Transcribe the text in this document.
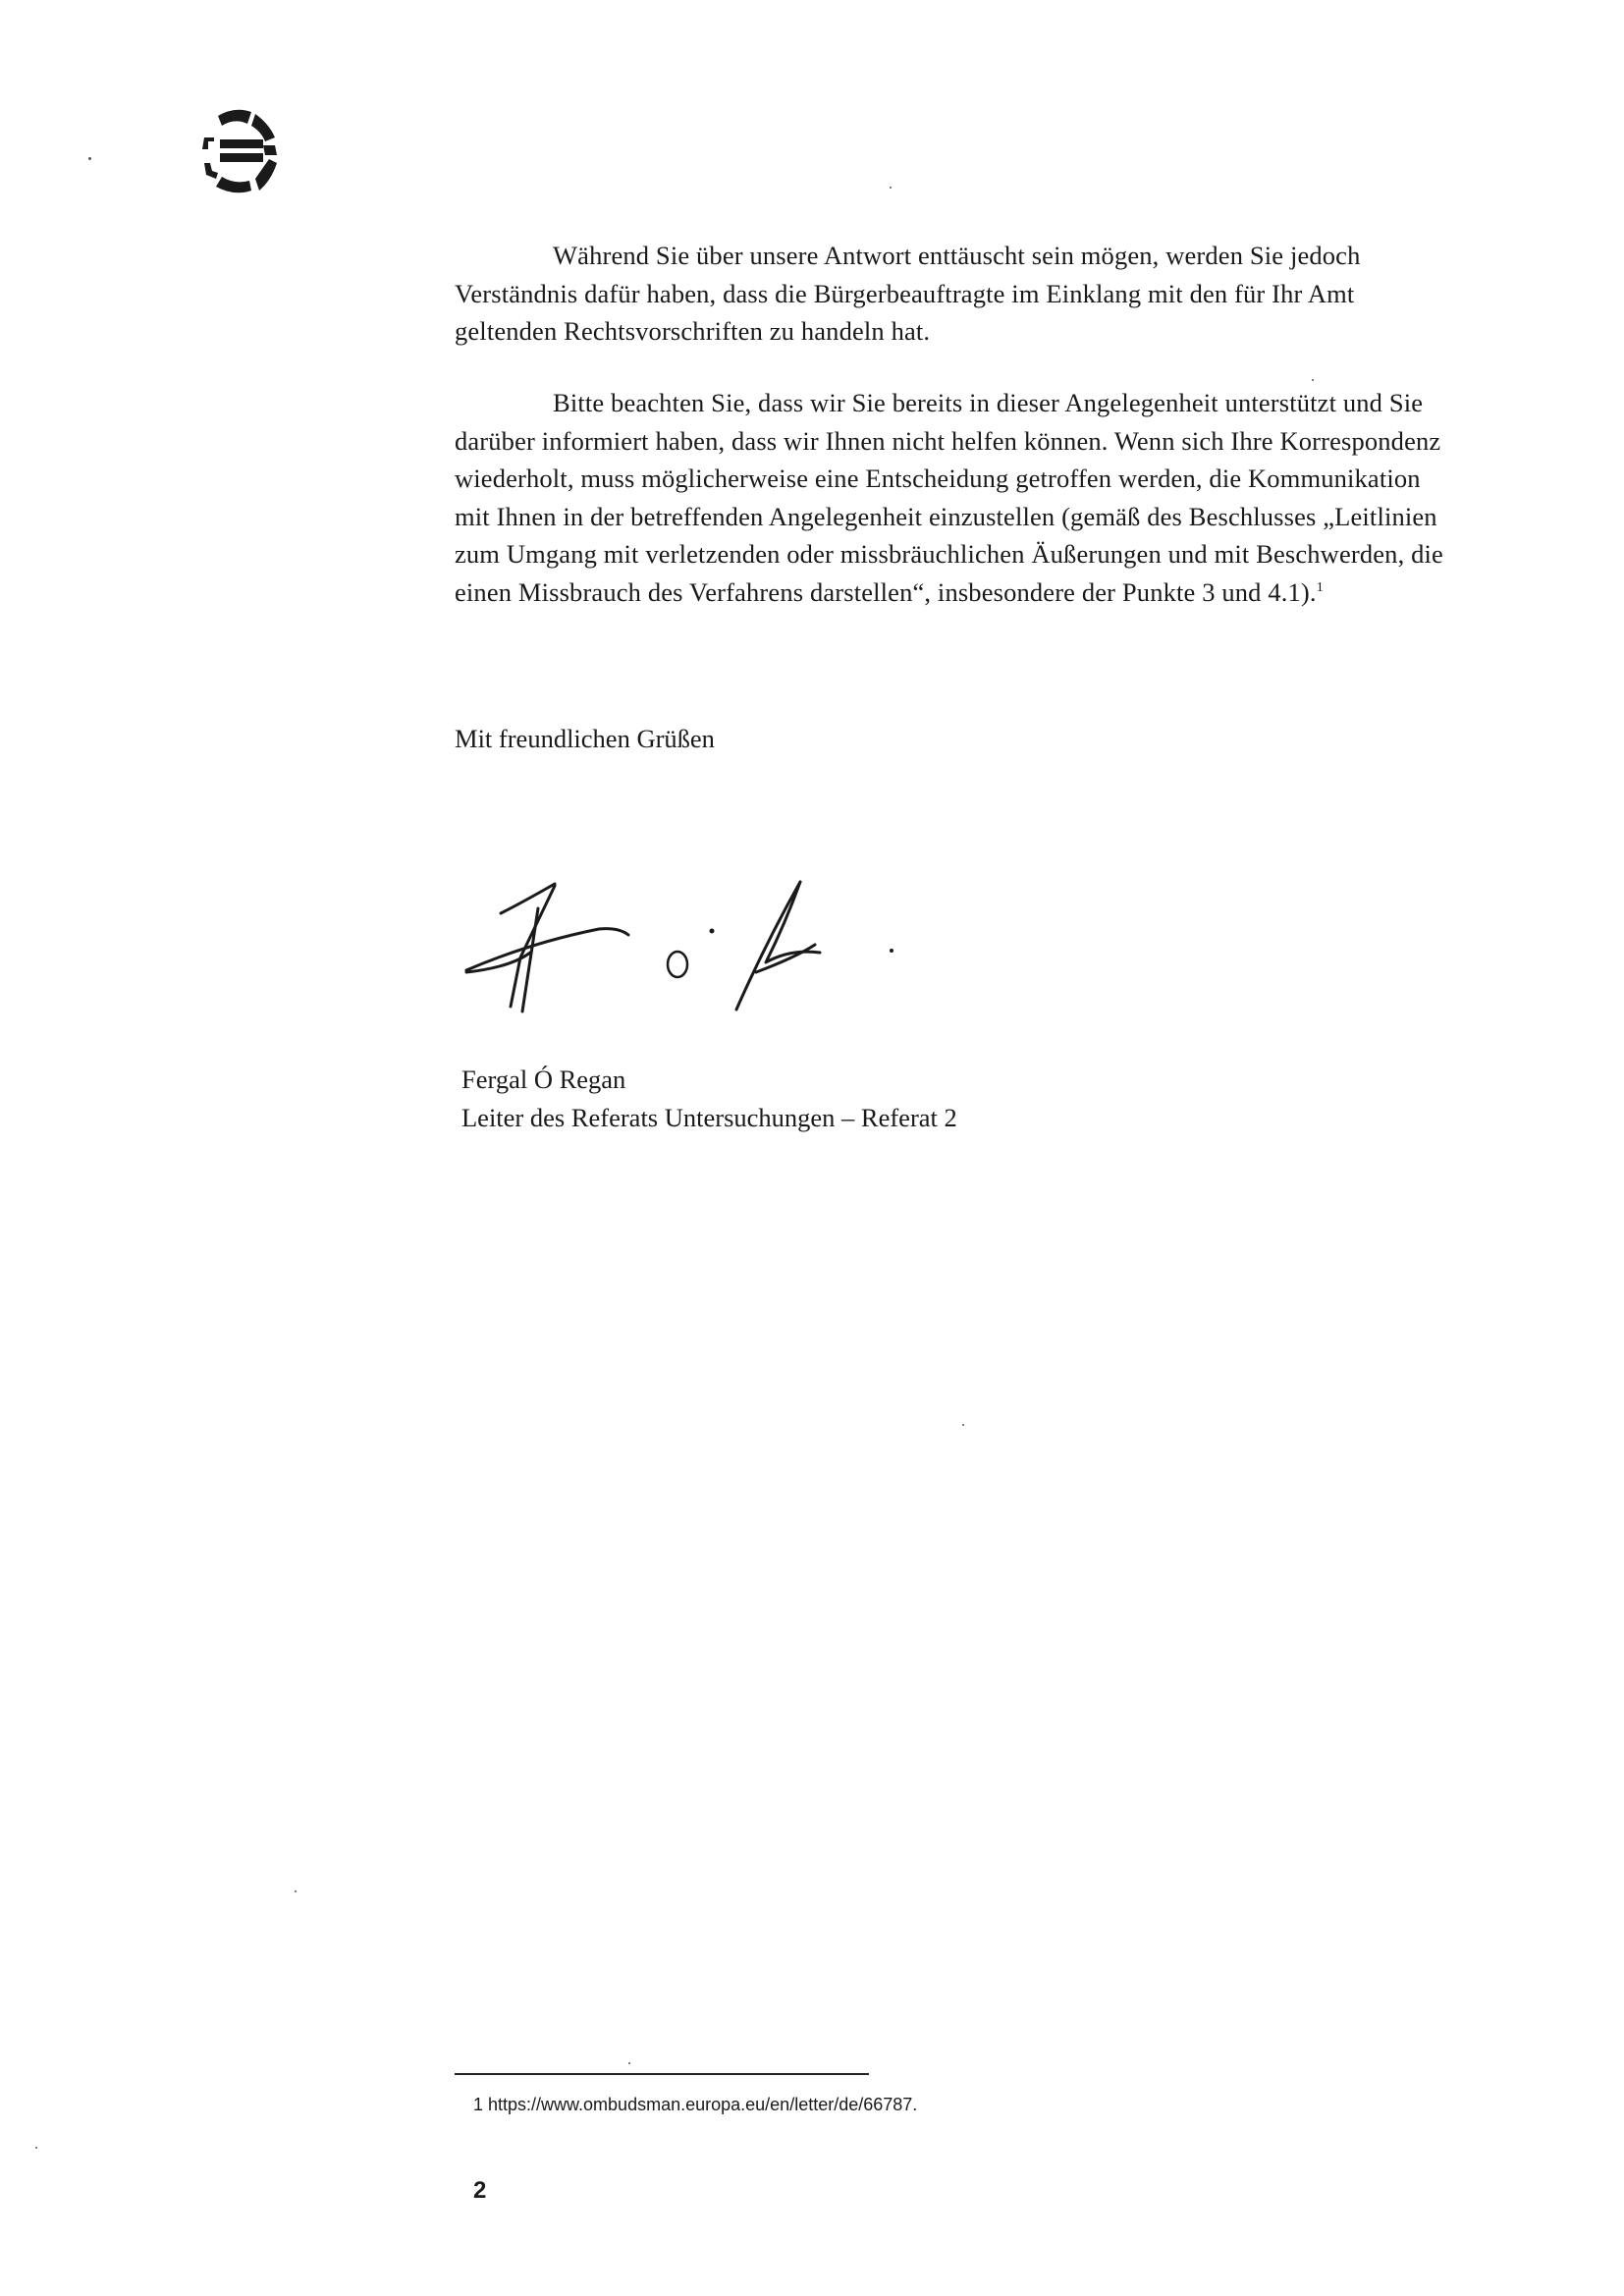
Während Sie über unsere Antwort enttäuscht sein mögen, werden Sie jedoch Verständnis dafür haben, dass die Bürgerbeauftragte im Einklang mit den für Ihr Amt geltenden Rechtsvorschriften zu handeln hat.

Bitte beachten Sie, dass wir Sie bereits in dieser Angelegenheit unterstützt und Sie darüber informiert haben, dass wir Ihnen nicht helfen können. Wenn sich Ihre Korrespondenz wiederholt, muss möglicherweise eine Entscheidung getroffen werden, die Kommunikation mit Ihnen in der betreffenden Angelegenheit einzustellen (gemäß des Beschlusses „Leitlinien zum Umgang mit verletzenden oder missbräuchlichen Äußerungen und mit Beschwerden, die einen Missbrauch des Verfahrens darstellen“, insbesondere der Punkte 3 und 4.1).$^1$

Mit freundlichen Grüßen
Fergal Ó Regan
Leiter des Referats Untersuchungen – Referat 2
1 https://www.ombudsman.europa.eu/en/letter/de/66787.
2
